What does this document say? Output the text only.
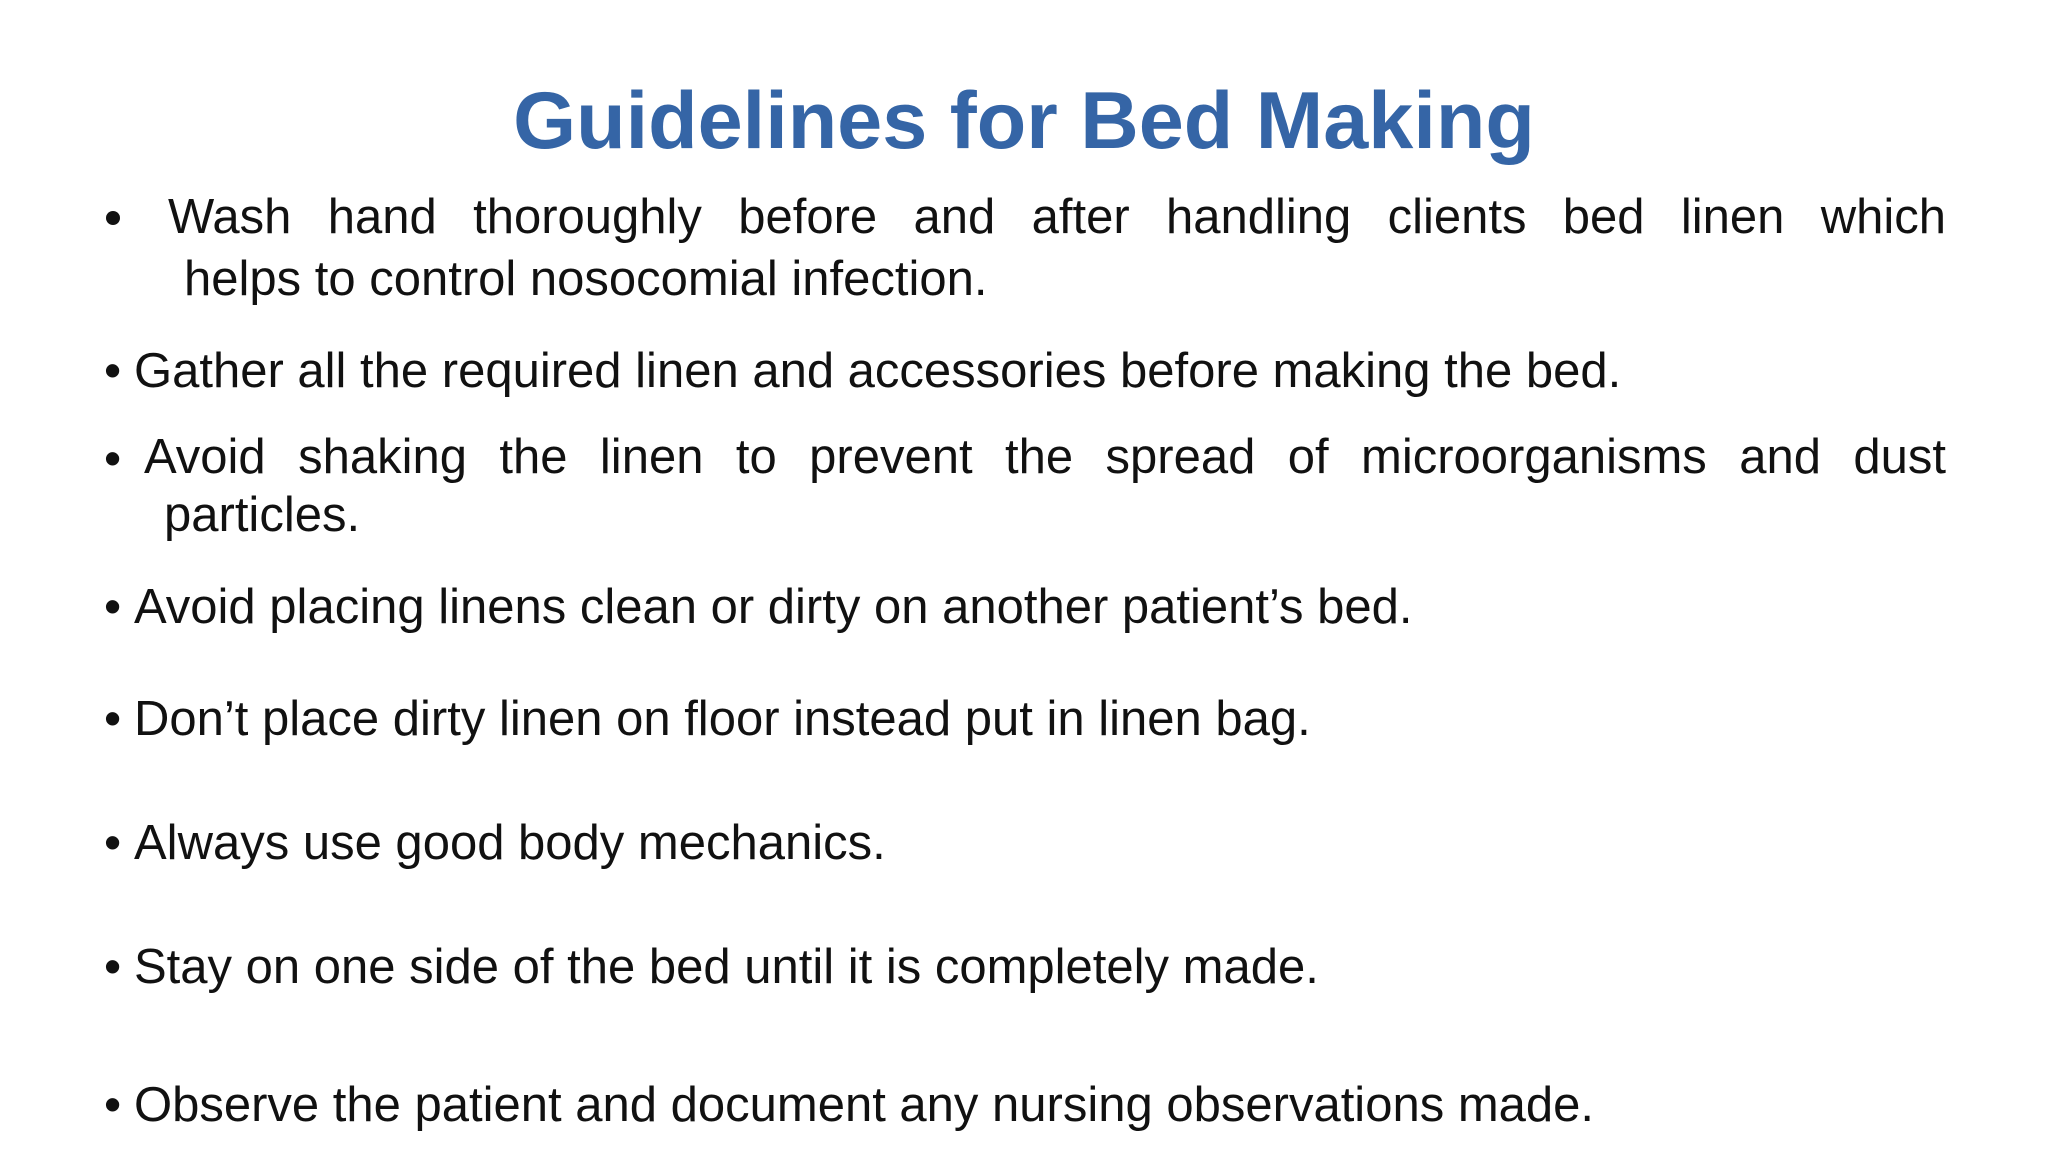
Guidelines for Bed Making
Wash hand thoroughly before and after handling clients bed linen which
helps to control nosocomial infection.
• Gather all the required linen and accessories before making the bed.
• Avoid shaking the linen to prevent the spread of microorganisms and dust
particles.
• Avoid placing linens clean or dirty on another patient’s bed.
• Don’t place dirty linen on floor instead put in linen bag.
• Always use good body mechanics.
• Stay on one side of the bed until it is completely made.
• Observe the patient and document any nursing observations made.
